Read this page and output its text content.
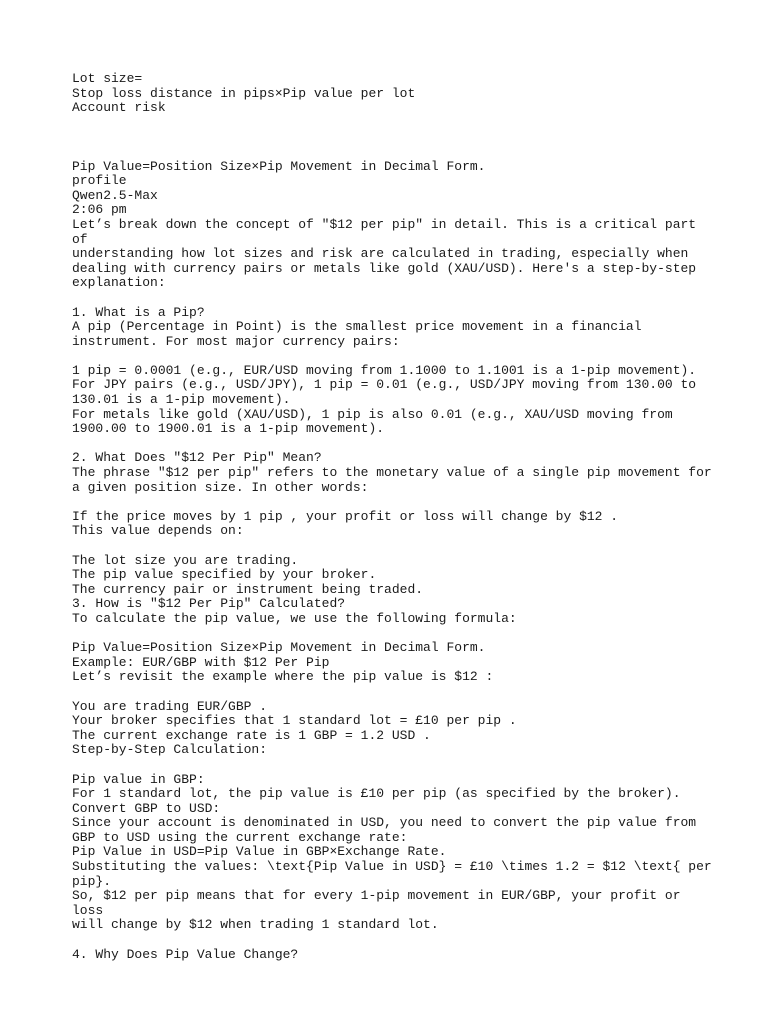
Lot size=
Stop loss distance in pips×Pip value per lot
Account risk
Pip Value=Position Size×Pip Movement in Decimal Form.
profile
Qwen2.5-Max
2:06 pm
Let’s break down the concept of "$12 per pip" in detail. This is a critical part of
understanding how lot sizes and risk are calculated in trading, especially when
dealing with currency pairs or metals like gold (XAU/USD). Here's a step-by-step
explanation:
1. What is a Pip?
A pip (Percentage in Point) is the smallest price movement in a financial
instrument. For most major currency pairs:
1 pip = 0.0001 (e.g., EUR/USD moving from 1.1000 to 1.1001 is a 1-pip movement).
For JPY pairs (e.g., USD/JPY), 1 pip = 0.01 (e.g., USD/JPY moving from 130.00 to
130.01 is a 1-pip movement).
For metals like gold (XAU/USD), 1 pip is also 0.01 (e.g., XAU/USD moving from
1900.00 to 1900.01 is a 1-pip movement).
2. What Does "$12 Per Pip" Mean?
The phrase "$12 per pip" refers to the monetary value of a single pip movement for
a given position size. In other words:
If the price moves by 1 pip , your profit or loss will change by $12 .
This value depends on:
The lot size you are trading.
The pip value specified by your broker.
The currency pair or instrument being traded.
3. How is "$12 Per Pip" Calculated?
To calculate the pip value, we use the following formula:
Pip Value=Position Size×Pip Movement in Decimal Form.
Example: EUR/GBP with $12 Per Pip
Let’s revisit the example where the pip value is $12 :
You are trading EUR/GBP .
Your broker specifies that 1 standard lot = £10 per pip .
The current exchange rate is 1 GBP = 1.2 USD .
Step-by-Step Calculation:
Pip value in GBP:
For 1 standard lot, the pip value is £10 per pip (as specified by the broker).
Convert GBP to USD:
Since your account is denominated in USD, you need to convert the pip value from
GBP to USD using the current exchange rate:
Pip Value in USD=Pip Value in GBP×Exchange Rate.
Substituting the values: \text{Pip Value in USD} = £10 \times 1.2 = $12 \text{ per
pip}.
So, $12 per pip means that for every 1-pip movement in EUR/GBP, your profit or loss
will change by $12 when trading 1 standard lot.
4. Why Does Pip Value Change?
